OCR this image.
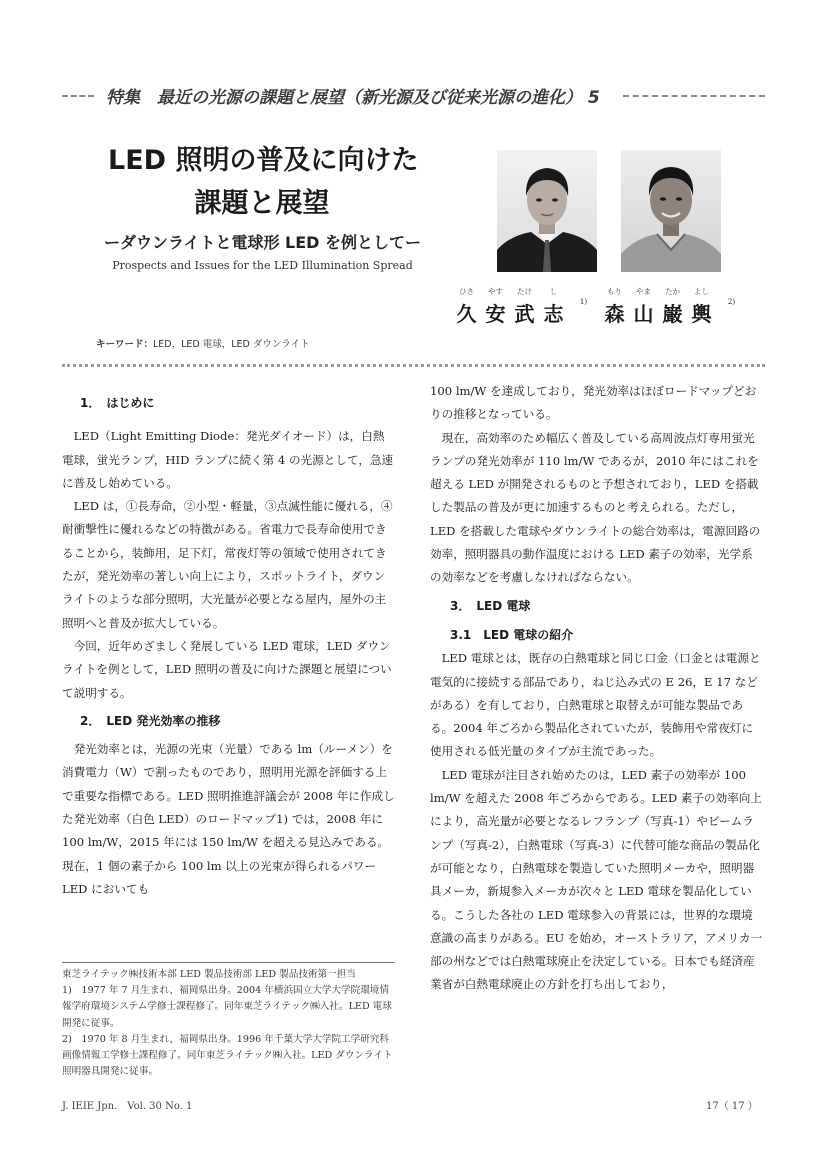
特集　最近の光源の課題と展望（新光源及び従来光源の進化） 5
LED 照明の普及に向けた
課題と展望
ーダウンライトと電球形 LED を例としてー
Prospects and Issues for the LED Illumination Spread
ひさ	やす	たけ	し
久 安 武 志	1)
もり	やま	たか	よし
森 山 巌 輿	2)
キーワード：LED，LED 電球，LED ダウンライト

1．　はじめに

　LED（Light Emitting Diode：発光ダイオード）は，白熱電球，蛍光ランプ，HID ランプに続く第 4 の光源として，急速に普及し始めている。

　LED は，①長寿命，②小型・軽量，③点滅性能に優れる，④耐衝撃性に優れるなどの特徴がある。省電力で長寿命使用できることから，装飾用，足下灯，常夜灯等の領域で使用されてきたが，発光効率の著しい向上により，スポットライト，ダウンライトのような部分照明，大光量が必要となる屋内，屋外の主照明へと普及が拡大している。

　今回，近年めざましく発展している LED 電球，LED ダウンライトを例として，LED 照明の普及に向けた課題と展望について説明する。

2．　LED 発光効率の推移

　発光効率とは，光源の光束（光量）である lm（ルーメン）を消費電力（W）で割ったものであり，照明用光源を評価する上で重要な指標である。LED 照明推進評議会が 2008 年に作成した発光効率（白色 LED）のロードマップ1) では，2008 年に 100 lm/W，2015 年には 150 lm/W を超える見込みである。現在，1 個の素子から 100 lm 以上の光束が得られるパワー LED においても

100 lm/W を達成しており，発光効率はほぼロードマップどおりの推移となっている。

　現在，高効率のため幅広く普及している高周波点灯専用蛍光ランプの発光効率が 110 lm/W であるが，2010 年にはこれを超える LED が開発されるものと予想されており，LED を搭載した製品の普及が更に加速するものと考えられる。ただし，LED を搭載した電球やダウンライトの総合効率は，電源回路の効率，照明器具の動作温度における LED 素子の効率，光学系の効率などを考慮しなければならない。

3．　LED 電球

3.1　LED 電球の紹介

　LED 電球とは，既存の白熱電球と同じ口金（口金とは電源と電気的に接続する部品であり，ねじ込み式の E 26，E 17 などがある）を有しており，白熱電球と取替えが可能な製品である。2004 年ごろから製品化されていたが，装飾用や常夜灯に使用される低光量のタイプが主流であった。

　LED 電球が注目され始めたのは，LED 素子の効率が 100 lm/W を超えた 2008 年ごろからである。LED 素子の効率向上により，高光量が必要となるレフランプ（写真-1）やビームランプ（写真-2），白熱電球（写真-3）に代替可能な商品の製品化が可能となり，白熱電球を製造していた照明メーカや，照明器具メーカ，新規参入メーカが次々と LED 電球を製品化している。こうした各社の LED 電球参入の背景には，世界的な環境意識の高まりがある。EU を始め，オーストラリア，アメリカ一部の州などでは白熱電球廃止を決定している。日本でも経済産業省が白熱電球廃止の方針を打ち出しており，

東芝ライテック㈱技術本部 LED 製品技術部 LED 製品技術第一担当

1)　1977 年 7 月生まれ，福岡県出身。2004 年横浜国立大学大学院環境情報学府環境システム学修士課程修了。同年東芝ライテック㈱入社。LED 電球開発に従事。

2)　1970 年 8 月生まれ，福岡県出身。1996 年千葉大学大学院工学研究科画像情報工学修士課程修了。同年東芝ライテック㈱入社。LED ダウンライト照明器具開発に従事。

J. IEIE Jpn.　Vol. 30 No. 1	17（ 17 ）
